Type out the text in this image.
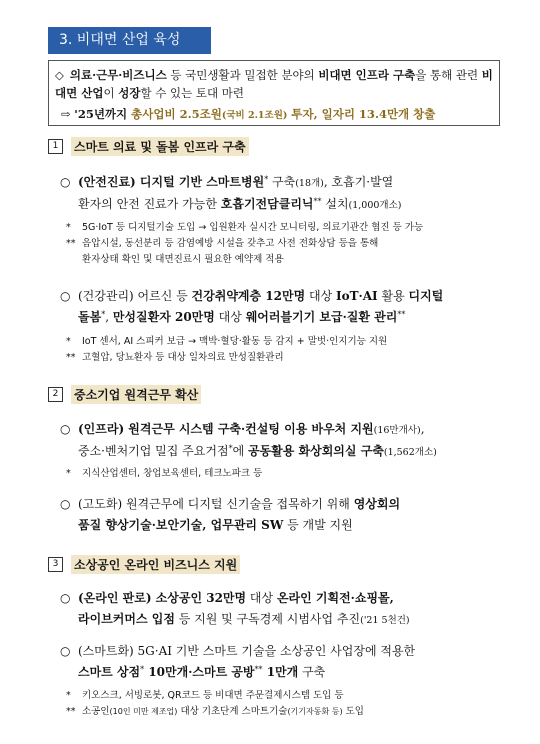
3. 비대면 산업 육성
◇ 의료·근무·비즈니스 등 국민생활과 밀접한 분야의 비대면 인프라 구축을 통해 관련 비대면 산업이 성장할 수 있는 토대 마련
⇨ '25년까지 총사업비 2.5조원(국비 2.1조원) 투자, 일자리 13.4만개 창출
1	스마트 의료 및 돌봄 인프라 구축
○ (안전진료) 디지털 기반 스마트병원* 구축(18개), 호흡기·발열
환자의 안전 진료가 가능한 호흡기전담클리닉** 설치(1,000개소)
* 5G·IoT 등 디지털기술 도입 → 입원환자 실시간 모니터링, 의료기관간 협진 등 가능
** 음압시설, 동선분리 등 감염예방 시설을 갖추고 사전 전화상담 등을 통해
환자상태 확인 및 대면진료시 필요한 예약제 적용
○ (건강관리) 어르신 등 건강취약계층 12만명 대상 IoT·AI 활용 디지털
돌봄*, 만성질환자 20만명 대상 웨어러블기기 보급·질환 관리**
* IoT 센서, AI 스피커 보급 → 맥박·혈당·활동 등 감지 + 말벗·인지기능 지원
** 고혈압, 당뇨환자 등 대상 일차의료 만성질환관리
2	중소기업 원격근무 확산
○ (인프라) 원격근무 시스템 구축·컨설팅 이용 바우처 지원(16만개사),
중소·벤처기업 밀집 주요거점*에 공동활용 화상회의실 구축(1,562개소)
* 지식산업센터, 창업보육센터, 테크노파크 등
○ (고도화) 원격근무에 디지털 신기술을 접목하기 위해 영상회의
품질 향상기술·보안기술, 업무관리 SW 등 개발 지원
3	소상공인 온라인 비즈니스 지원
○ (온라인 판로) 소상공인 32만명 대상 온라인 기획전·쇼핑몰,
라이브커머스 입점 등 지원 및 구독경제 시범사업 추진('21 5천건)
○ (스마트화) 5G·AI 기반 스마트 기술을 소상공인 사업장에 적용한
스마트 상점* 10만개·스마트 공방** 1만개 구축
* 키오스크, 서빙로봇, QR코드 등 비대면 주문결제시스템 도입 등
** 소공인(10인 미만 제조업) 대상 기초단계 스마트기술(기기자동화 등) 도입
